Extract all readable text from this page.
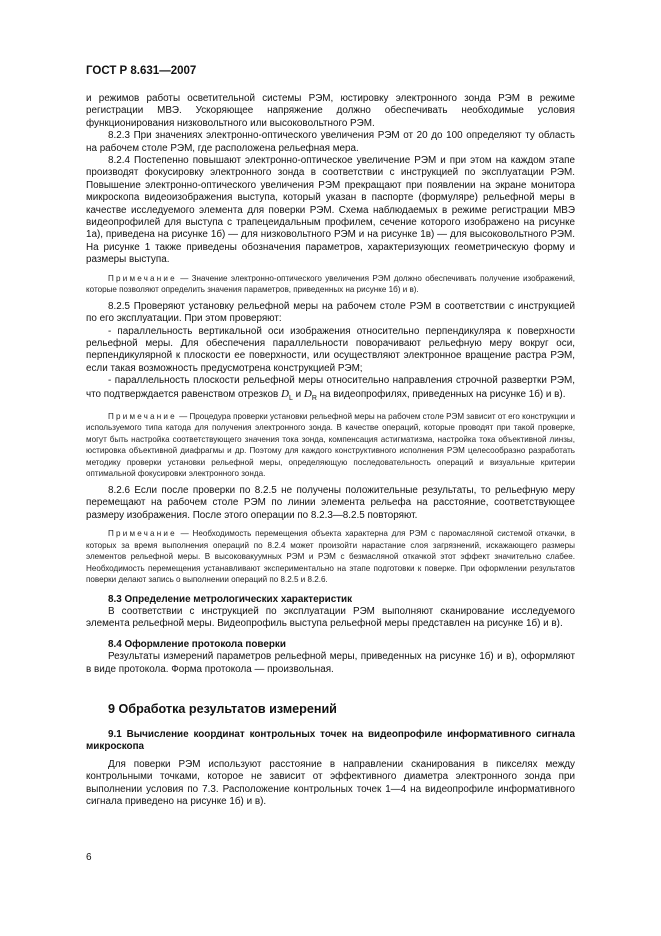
ГОСТ Р 8.631—2007

и режимов работы осветительной системы РЭМ, юстировку электронного зонда РЭМ в режиме регистрации МВЭ. Ускоряющее напряжение должно обеспечивать необходимые условия функционирования низковольтного или высоковольтного РЭМ.

8.2.3 При значениях электронно-оптического увеличения РЭМ от 20 до 100 определяют ту область на рабочем столе РЭМ, где расположена рельефная мера.

8.2.4 Постепенно повышают электронно-оптическое увеличение РЭМ и при этом на каждом этапе производят фокусировку электронного зонда в соответствии с инструкцией по эксплуатации РЭМ. Повышение электронно-оптического увеличения РЭМ прекращают при появлении на экране монитора микроскопа видеоизображения выступа, который указан в паспорте (формуляре) рельефной меры в качестве исследуемого элемента для поверки РЭМ. Схема наблюдаемых в режиме регистрации МВЭ видеопрофилей для выступа с трапецеидальным профилем, сечение которого изображено на рисунке 1а), приведена на рисунке 1б) — для низковольтного РЭМ и на рисунке 1в) — для высоковольтного РЭМ. На рисунке 1 также приведены обозначения параметров, характеризующих геометрическую форму и размеры выступа.

Примечание — Значение электронно-оптического увеличения РЭМ должно обеспечивать получение изображений, которые позволяют определить значения параметров, приведенных на рисунке 1б) и в).

8.2.5 Проверяют установку рельефной меры на рабочем столе РЭМ в соответствии с инструкцией по его эксплуатации. При этом проверяют:

- параллельность вертикальной оси изображения относительно перпендикуляра к поверхности рельефной меры. Для обеспечения параллельности поворачивают рельефную меру вокруг оси, перпендикулярной к плоскости ее поверхности, или осуществляют электронное вращение растра РЭМ, если такая возможность предусмотрена конструкцией РЭМ;

- параллельность плоскости рельефной меры относительно направления строчной развертки РЭМ, что подтверждается равенством отрезков $D_L$ и $D_R$ на видеопрофилях, приведенных на рисунке 1б) и в).

Примечание — Процедура проверки установки рельефной меры на рабочем столе РЭМ зависит от его конструкции и используемого типа катода для получения электронного зонда. В качестве операций, которые проводят при такой проверке, могут быть настройка соответствующего значения тока зонда, компенсация астигматизма, настройка тока объективной линзы, юстировка объективной диафрагмы и др. Поэтому для каждого конструктивного исполнения РЭМ целесообразно разработать методику проверки установки рельефной меры, определяющую последовательность операций и визуальные критерии оптимальной фокусировки электронного зонда.

8.2.6 Если после проверки по 8.2.5 не получены положительные результаты, то рельефную меру перемещают на рабочем столе РЭМ по линии элемента рельефа на расстояние, соответствующее размеру изображения. После этого операции по 8.2.3—8.2.5 повторяют.

Примечание — Необходимость перемещения объекта характерна для РЭМ с паромасляной системой откачки, в которых за время выполнения операций по 8.2.4 может произойти нарастание слоя загрязнений, искажающего размеры элементов рельефной меры. В высоковакуумных РЭМ и РЭМ с безмасляной откачкой этот эффект значительно слабее. Необходимость перемещения устанавливают экспериментально на этапе подготовки к поверке. При оформлении результатов поверки делают запись о выполнении операций по 8.2.5 и 8.2.6.

8.3 Определение метрологических характеристик

В соответствии с инструкцией по эксплуатации РЭМ выполняют сканирование исследуемого элемента рельефной меры. Видеопрофиль выступа рельефной меры представлен на рисунке 1б) и в).

8.4 Оформление протокола поверки

Результаты измерений параметров рельефной меры, приведенных на рисунке 1б) и в), оформляют в виде протокола. Форма протокола — произвольная.

9 Обработка результатов измерений

9.1 Вычисление координат контрольных точек на видеопрофиле информативного сигнала микроскопа

Для поверки РЭМ используют расстояние в направлении сканирования в пикселях между контрольными точками, которое не зависит от эффективного диаметра электронного зонда при выполнении условия по 7.3. Расположение контрольных точек 1—4 на видеопрофиле информативного сигнала приведено на рисунке 1б) и в).

6
